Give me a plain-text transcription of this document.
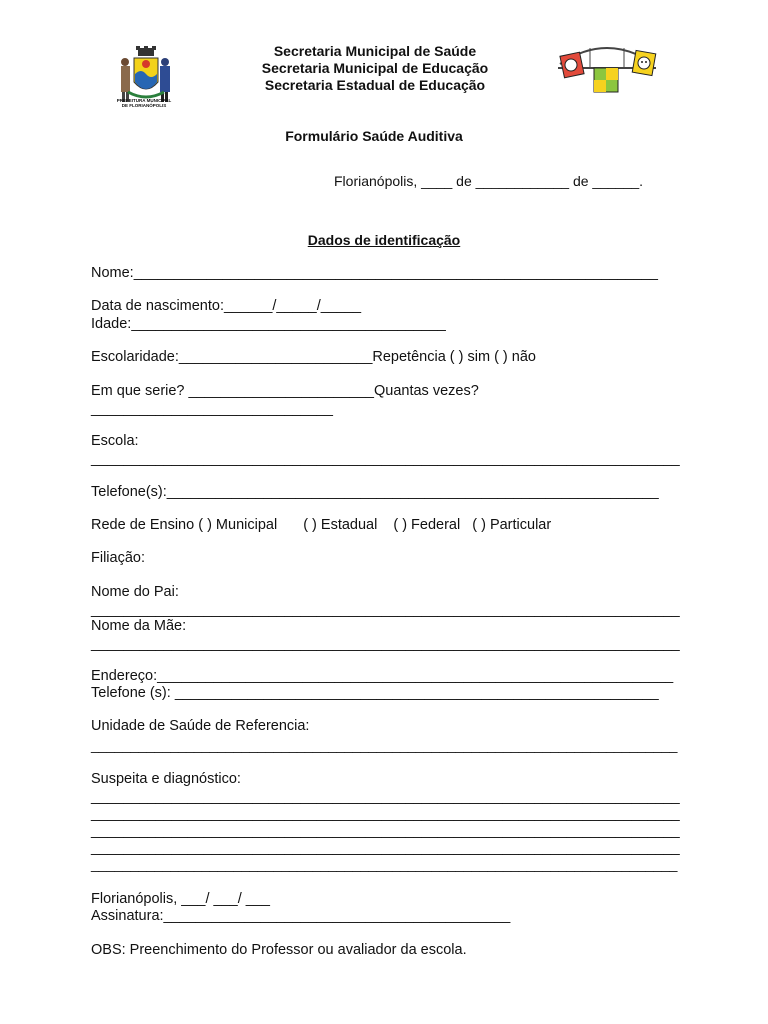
PREFEITURA MUNICIPAL
DE FLORIANÓPOLIS
Secretaria Municipal de Saúde
Secretaria Municipal de Educação
Secretaria Estadual de Educação
Formulário Saúde Auditiva
Florianópolis, ____ de ____________ de ______.
Dados de identificação

Nome:_________________________________________________________________

Data de nascimento:______/_____/_____

Idade:_______________________________________

Escolaridade:________________________Repetência ( ) sim ( ) não

Em que serie? _______________________Quantas vezes?

______________________________

Escola:

_________________________________________________________________________

Telefone(s):_____________________________________________________________

Rede de Ensino ( ) Municipal ( ) Estadual ( ) Federal ( ) Particular

Filiação:

Nome do Pai:

_________________________________________________________________________

Nome da Mãe:

_________________________________________________________________________

Endereço:________________________________________________________________

Telefone (s): ____________________________________________________________

Unidade de Saúde de Referencia:

__________________________________________________________________________

Suspeita e diagnóstico:

_________________________________________________________________________

_________________________________________________________________________

_________________________________________________________________________

_________________________________________________________________________

__________________________________________________________________________

Florianópolis, ___/ ___/ ___

Assinatura:___________________________________________

OBS: Preenchimento do Professor ou avaliador da escola.
